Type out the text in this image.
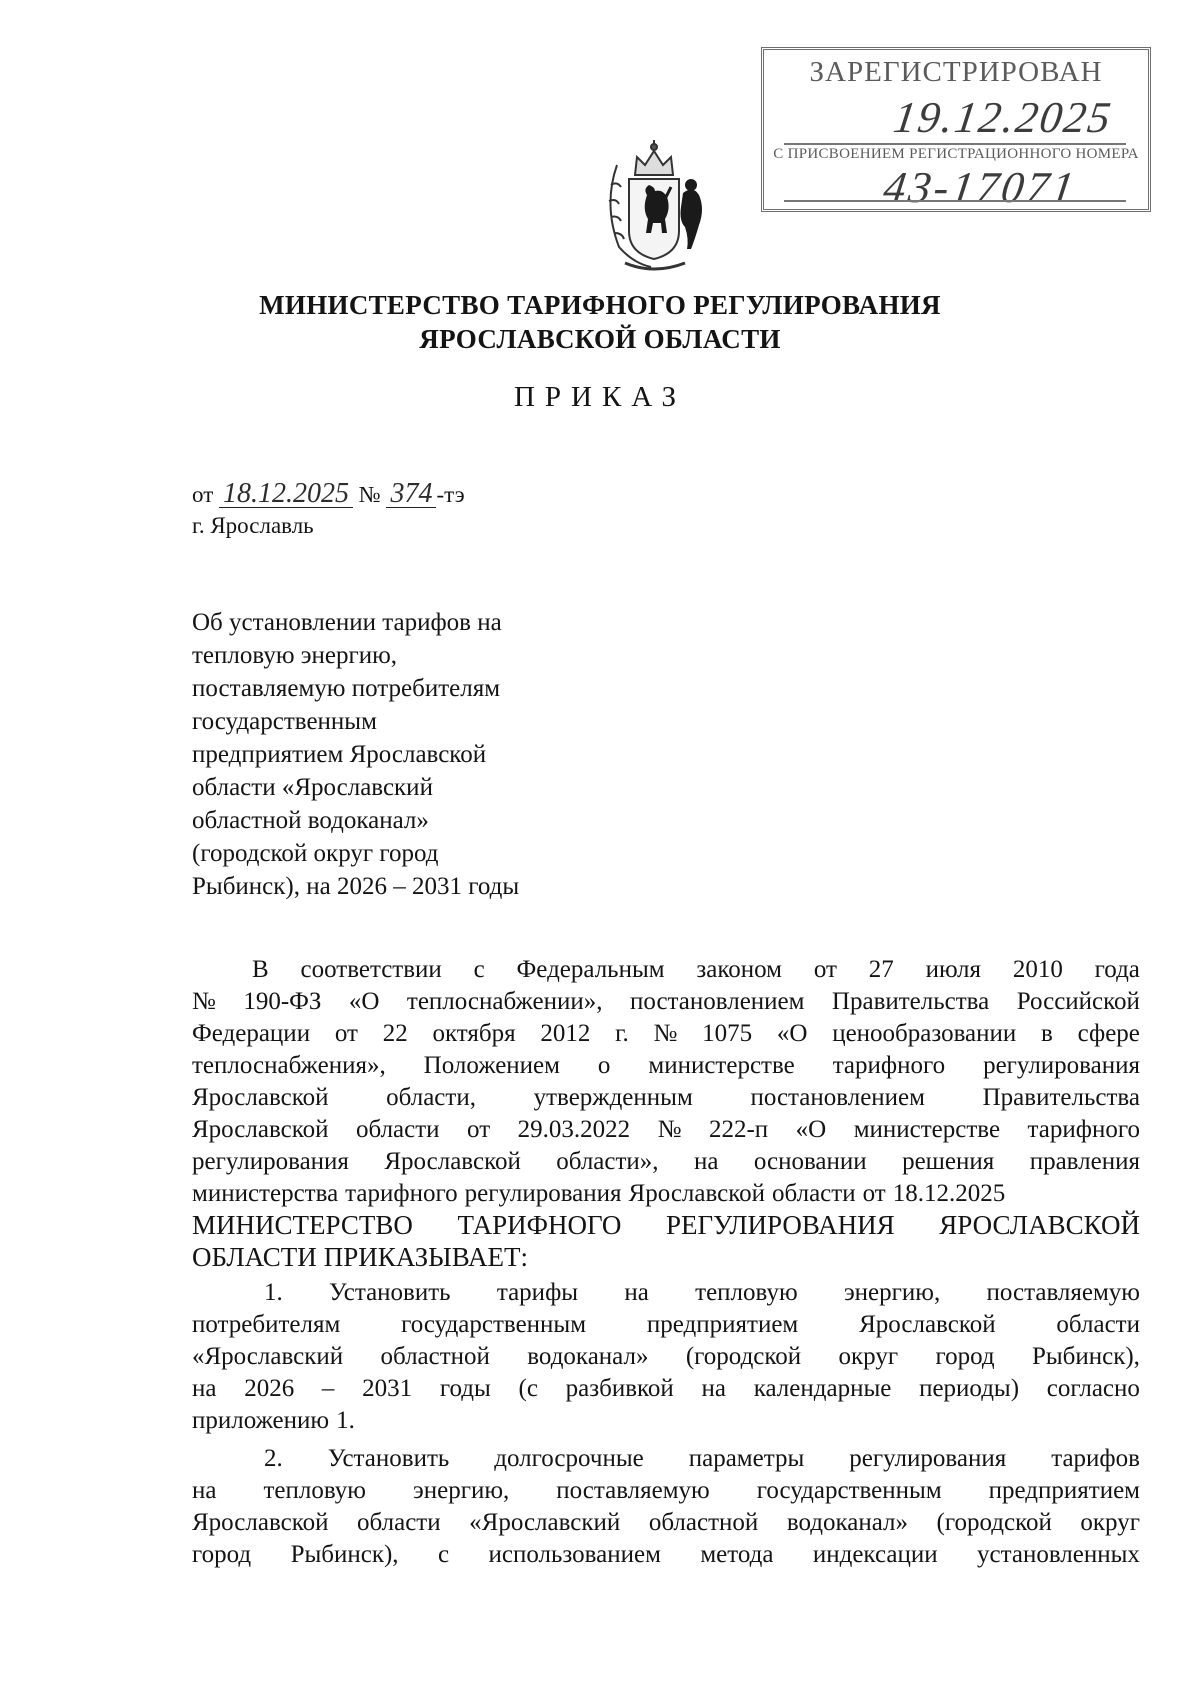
ЗАРЕГИСТРИРОВАН
19.12.2025
С ПРИСВОЕНИЕМ РЕГИСТРАЦИОННОГО НОМЕРА
43-17071
МИНИСТЕРСТВО ТАРИФНОГО РЕГУЛИРОВАНИЯ
ЯРОСЛАВСКОЙ ОБЛАСТИ
ПРИКАЗ
от 18.12.2025 № 374 -тэ
г. Ярославль
Об установлении тарифов на
тепловую энергию,
поставляемую потребителям
государственным
предприятием Ярославской
области «Ярославский
областной водоканал»
(городской округ город
Рыбинск), на 2026 – 2031 годы
В соответствии с Федеральным законом от 27 июля 2010 года
№ 190-ФЗ «О теплоснабжении», постановлением Правительства Российской
Федерации от 22 октября 2012 г. № 1075 «О ценообразовании в сфере
теплоснабжения», Положением о министерстве тарифного регулирования
Ярославской области, утвержденным постановлением Правительства
Ярославской области от 29.03.2022 № 222-п «О министерстве тарифного
регулирования Ярославской области», на основании решения правления
министерства тарифного регулирования Ярославской области от 18.12.2025
МИНИСТЕРСТВО ТАРИФНОГО РЕГУЛИРОВАНИЯ ЯРОСЛАВСКОЙ
ОБЛАСТИ ПРИКАЗЫВАЕТ:
1. Установить тарифы на тепловую энергию, поставляемую
потребителям государственным предприятием Ярославской области
«Ярославский областной водоканал» (городской округ город Рыбинск),
на 2026 – 2031 годы (с разбивкой на календарные периоды) согласно
приложению 1.
2. Установить долгосрочные параметры регулирования тарифов
на тепловую энергию, поставляемую государственным предприятием
Ярославской области «Ярославский областной водоканал» (городской округ
город Рыбинск), с использованием метода индексации установленных
